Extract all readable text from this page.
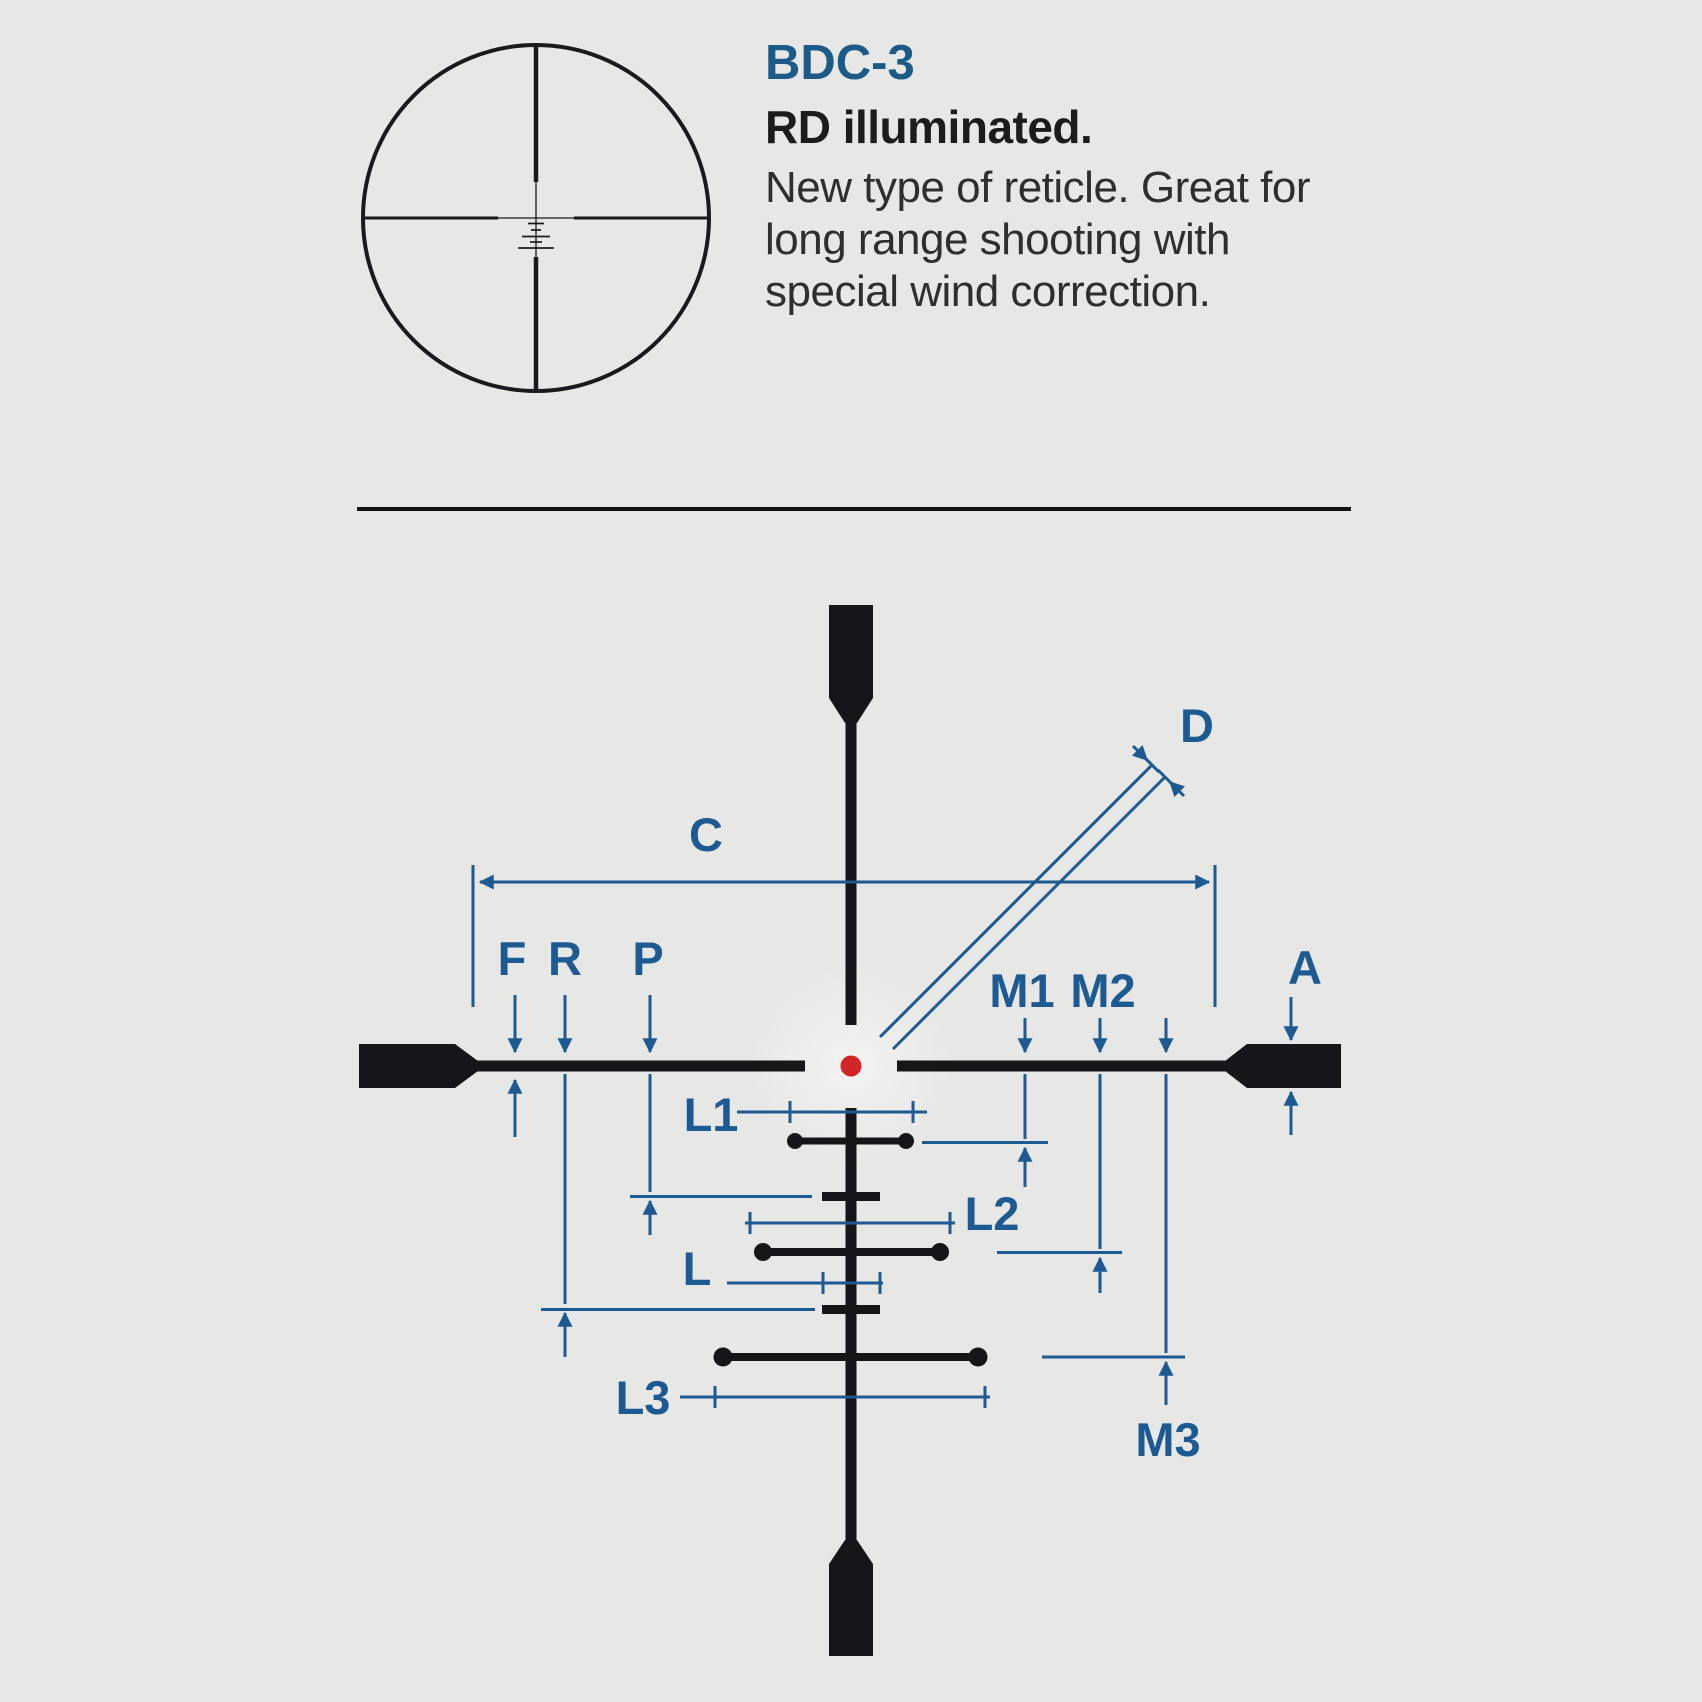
BDC-3
RD illuminated.
New type of reticle. Great for
long range shooting with
special wind correction.
C
D
F R P
M1 M2	A
L1
L2
L
L3
M3
